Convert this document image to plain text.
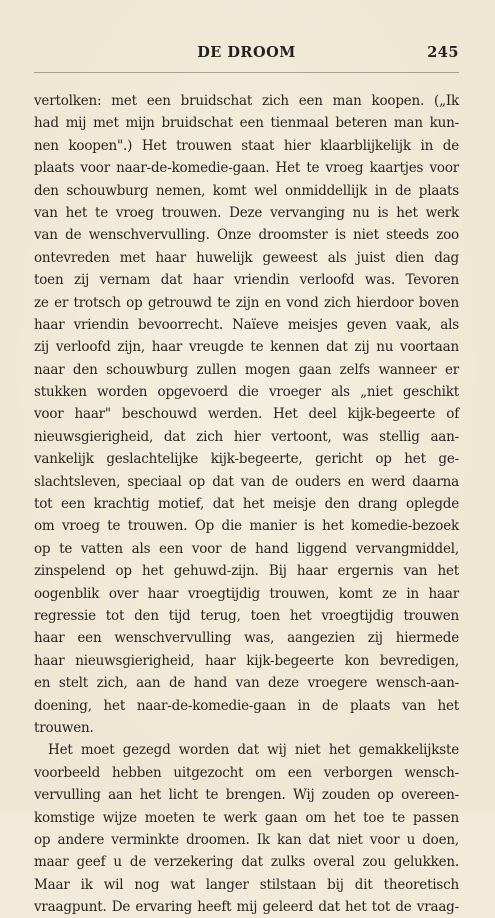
DE DROOM	245
vertolken: met een bruidschat zich een man koopen. („Ik
had mij met mijn bruidschat een tienmaal beteren man kun-
nen koopen".) Het trouwen staat hier klaarblijkelijk in de
plaats voor naar-de-komedie-gaan. Het te vroeg kaartjes voor
den schouwburg nemen, komt wel onmiddellijk in de plaats
van het te vroeg trouwen. Deze vervanging nu is het werk
van de wenschvervulling. Onze droomster is niet steeds zoo
ontevreden met haar huwelijk geweest als juist dien dag
toen zij vernam dat haar vriendin verloofd was. Tevoren
ze er trotsch op getrouwd te zijn en vond zich hierdoor boven
haar vriendin bevoorrecht. Naïeve meisjes geven vaak, als
zij verloofd zijn, haar vreugde te kennen dat zij nu voortaan
naar den schouwburg zullen mogen gaan zelfs wanneer er
stukken worden opgevoerd die vroeger als „niet geschikt
voor haar" beschouwd werden. Het deel kijk-begeerte of
nieuwsgierigheid, dat zich hier vertoont, was stellig aan-
vankelijk geslachtelijke kijk-begeerte, gericht op het ge-
slachtsleven, speciaal op dat van de ouders en werd daarna
tot een krachtig motief, dat het meisje den drang oplegde
om vroeg te trouwen. Op die manier is het komedie-bezoek
op te vatten als een voor de hand liggend vervangmiddel,
zinspelend op het gehuwd-zijn. Bij haar ergernis van het
oogenblik over haar vroegtijdig trouwen, komt ze in haar
regressie tot den tijd terug, toen het vroegtijdig trouwen
haar een wenschvervulling was, aangezien zij hiermede
haar nieuwsgierigheid, haar kijk-begeerte kon bevredigen,
en stelt zich, aan de hand van deze vroegere wensch-aan-
doening, het naar-de-komedie-gaan in de plaats van het
trouwen.
Het moet gezegd worden dat wij niet het gemakkelijkste
voorbeeld hebben uitgezocht om een verborgen wensch-
vervulling aan het licht te brengen. Wij zouden op overeen-
komstige wijze moeten te werk gaan om het toe te passen
op andere verminkte droomen. Ik kan dat niet voor u doen,
maar geef u de verzekering dat zulks overal zou gelukken.
Maar ik wil nog wat langer stilstaan bij dit theoretisch
vraagpunt. De ervaring heeft mij geleerd dat het tot de vraag-
